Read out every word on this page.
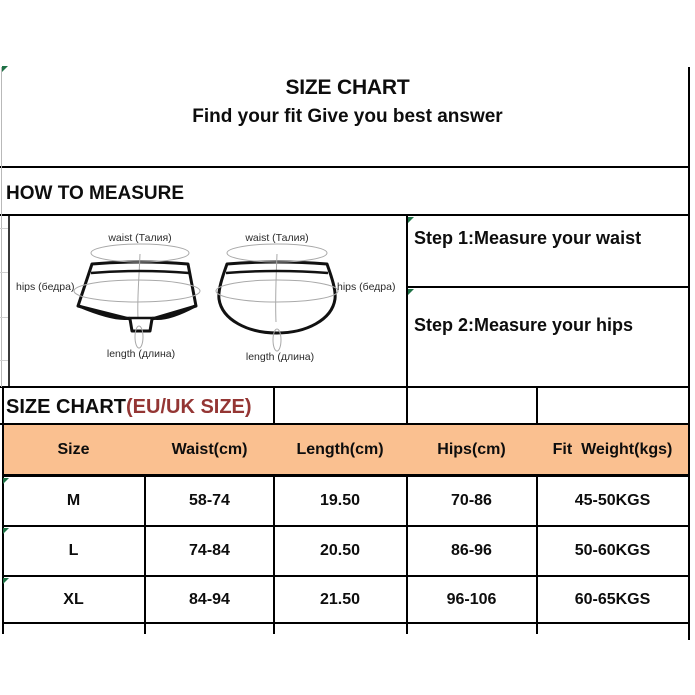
SIZE CHART
Find your fit Give you best answer
HOW TO MEASURE
Step 1:Measure your waist
Step 2:Measure your hips
waist (Талия)	waist (Талия)
hips (бедра)	hips (бедра)
length (длина)	length (длина)
SIZE CHART(EU/UK SIZE)
Size	Waist(cm)	Length(cm)	Hips(cm)	Fit  Weight(kgs)
M	58-74	19.50	70-86	45-50KGS
L	74-84	20.50	86-96	50-60KGS
XL	84-94	21.50	96-106	60-65KGS
